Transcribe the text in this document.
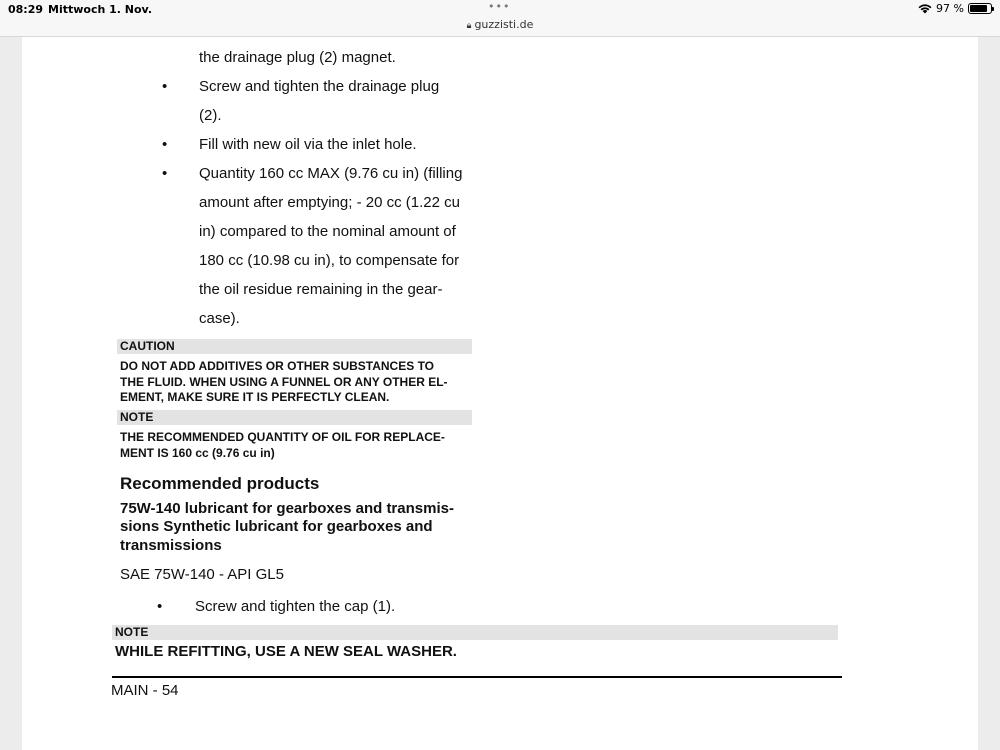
08:29 Mittwoch 1. Nov.	•••
🔒︎ guzzisti.de
97 %
the drainage plug (2) magnet.
• Screw and tighten the drainage plug
(2).
• Fill with new oil via the inlet hole.
• Quantity 160 cc MAX (9.76 cu in) (filling
amount after emptying; - 20 cc (1.22 cu
in) compared to the nominal amount of
180 cc (10.98 cu in), to compensate for
the oil residue remaining in the gear-
case).
CAUTION
DO NOT ADD ADDITIVES OR OTHER SUBSTANCES TO
THE FLUID. WHEN USING A FUNNEL OR ANY OTHER EL-
EMENT, MAKE SURE IT IS PERFECTLY CLEAN.
NOTE
THE RECOMMENDED QUANTITY OF OIL FOR REPLACE-
MENT IS 160 cc (9.76 cu in)
Recommended products
75W-140 lubricant for gearboxes and transmis-
sions Synthetic lubricant for gearboxes and
transmissions
SAE 75W-140 - API GL5
• Screw and tighten the cap (1).
NOTE
WHILE REFITTING, USE A NEW SEAL WASHER.
MAIN - 54
